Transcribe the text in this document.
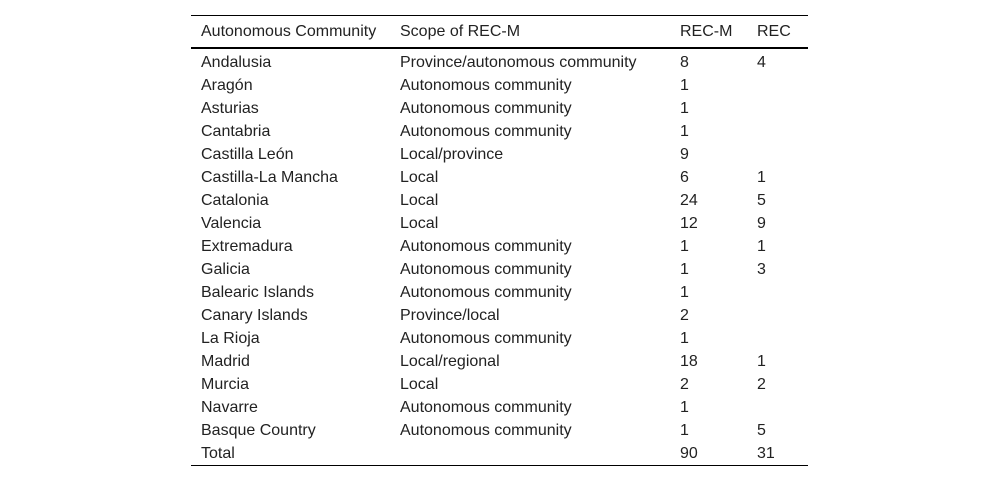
Autonomous Community	Scope of REC-M	REC-M	REC
Andalusia	Province/autonomous community	8	4
Aragón	Autonomous community	1	
Asturias	Autonomous community	1	
Cantabria	Autonomous community	1	
Castilla León	Local/province	9	
Castilla-La Mancha	Local	6	1
Catalonia	Local	24	5
Valencia	Local	12	9
Extremadura	Autonomous community	1	1
Galicia	Autonomous community	1	3
Balearic Islands	Autonomous community	1	
Canary Islands	Province/local	2	
La Rioja	Autonomous community	1	
Madrid	Local/regional	18	1
Murcia	Local	2	2
Navarre	Autonomous community	1	
Basque Country	Autonomous community	1	5
Total		90	31
